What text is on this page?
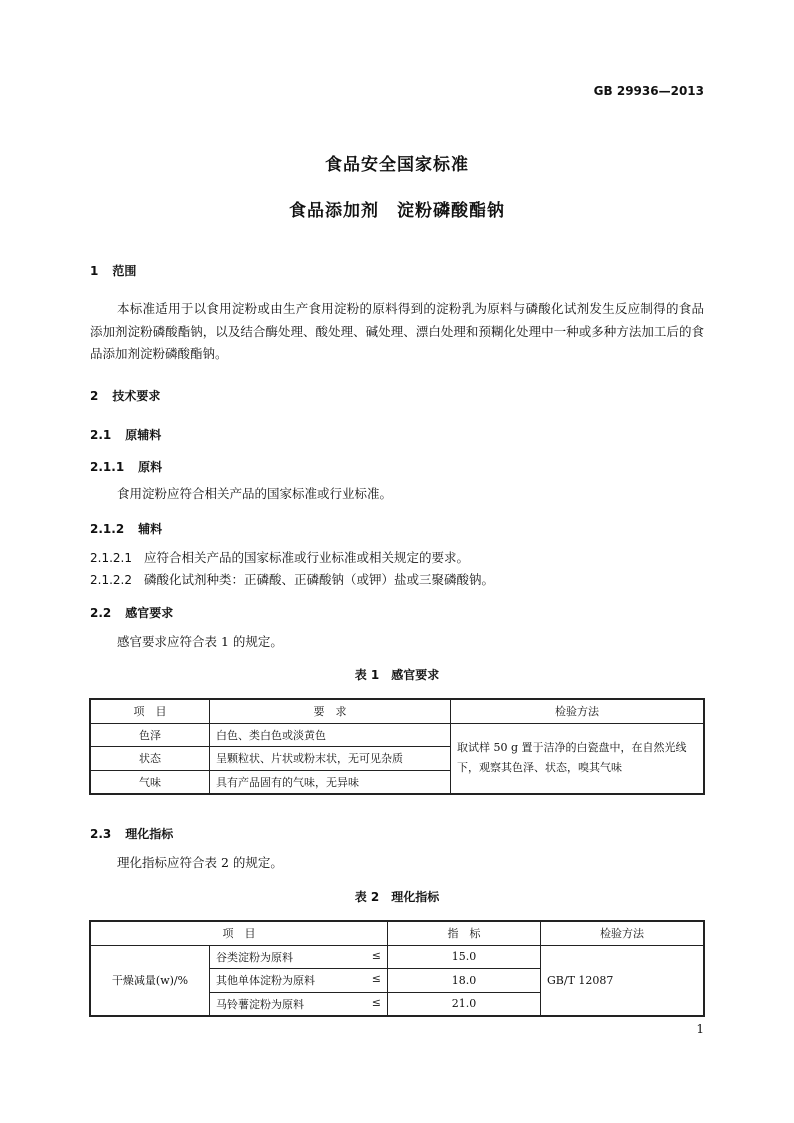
GB 29936—2013
食品安全国家标准
食品添加剂　淀粉磷酸酯钠
1 范围
本标准适用于以食用淀粉或由生产食用淀粉的原料得到的淀粉乳为原料与磷酸化试剂发生反应制得的食品添加剂淀粉磷酸酯钠，以及结合酶处理、酸处理、碱处理、漂白处理和预糊化处理中一种或多种方法加工后的食品添加剂淀粉磷酸酯钠。
2 技术要求
2.1 原辅料
2.1.1 原料
食用淀粉应符合相关产品的国家标准或行业标准。
2.1.2 辅料
2.1.2.1 应符合相关产品的国家标准或行业标准或相关规定的要求。
2.1.2.2 磷酸化试剂种类：正磷酸、正磷酸钠（或钾）盐或三聚磷酸钠。
2.2 感官要求
感官要求应符合表 1 的规定。
表 1　感官要求
项　目	要　求	检验方法
色泽	白色、类白色或淡黄色	取试样 50 g 置于洁净的白瓷盘中，在自然光线下，观察其色泽、状态，嗅其气味
状态	呈颗粒状、片状或粉末状，无可见杂质	
气味	具有产品固有的气味，无异味	
2.3 理化指标
理化指标应符合表 2 的规定。
表 2　理化指标
项　目		指　标	检验方法
干燥减量(w)/%	谷类淀粉为原料 ≤	15.0	GB/T 12087
	其他单体淀粉为原料 ≤	18.0	
	马铃薯淀粉为原料 ≤	21.0	
1
